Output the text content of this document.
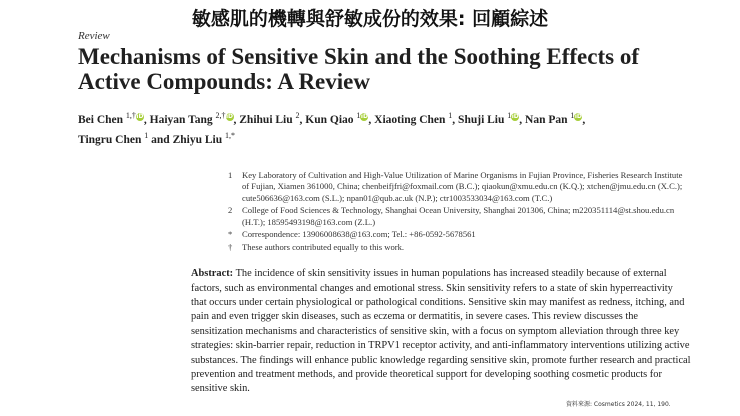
敏感肌的機轉與舒敏成份的效果: 回顧綜述
Review
Mechanisms of Sensitive Skin and the Soothing Effects of Active Compounds: A Review
Bei Chen $^{1,\dagger}$iD, Haiyan Tang $^{2,\dagger}$iD, Zhihui Liu $^2$, Kun Qiao $^1$iD, Xiaoting Chen $^1$, Shuji Liu $^1$iD, Nan Pan $^1$iD,
Tingru Chen $^1$ and Zhiyu Liu $^{1,*}$
1 Key Laboratory of Cultivation and High-Value Utilization of Marine Organisms in Fujian Province, Fisheries Research Institute of Fujian, Xiamen 361000, China; chenbeifjfri@foxmail.com (B.C.); qiaokun@xmu.edu.cn (K.Q.); xtchen@jmu.edu.cn (X.C.); cute506636@163.com (S.L.); npan01@qub.ac.uk (N.P.); ctr1003533034@163.com (T.C.)
2 College of Food Sciences & Technology, Shanghai Ocean University, Shanghai 201306, China; m220351114@st.shou.edu.cn (H.T.); 18595493198@163.com (Z.L.)
* Correspondence: 13906008638@163.com; Tel.: +86-0592-5678561
† These authors contributed equally to this work.
Abstract: The incidence of skin sensitivity issues in human populations has increased steadily because of external factors, such as environmental changes and emotional stress. Skin sensitivity refers to a state of skin hyperreactivity that occurs under certain physiological or pathological conditions. Sensitive skin may manifest as redness, itching, and pain and even trigger skin diseases, such as eczema or dermatitis, in severe cases. This review discusses the sensitization mechanisms and characteristics of sensitive skin, with a focus on symptom alleviation through three key strategies: skin-barrier repair, reduction in TRPV1 receptor activity, and anti-inflammatory interventions utilizing active substances. The findings will enhance public knowledge regarding sensitive skin, promote further research and practical prevention and treatment methods, and provide theoretical support for developing soothing cosmetic products for sensitive skin.
資料來源: Cosmetics 2024, 11, 190.
